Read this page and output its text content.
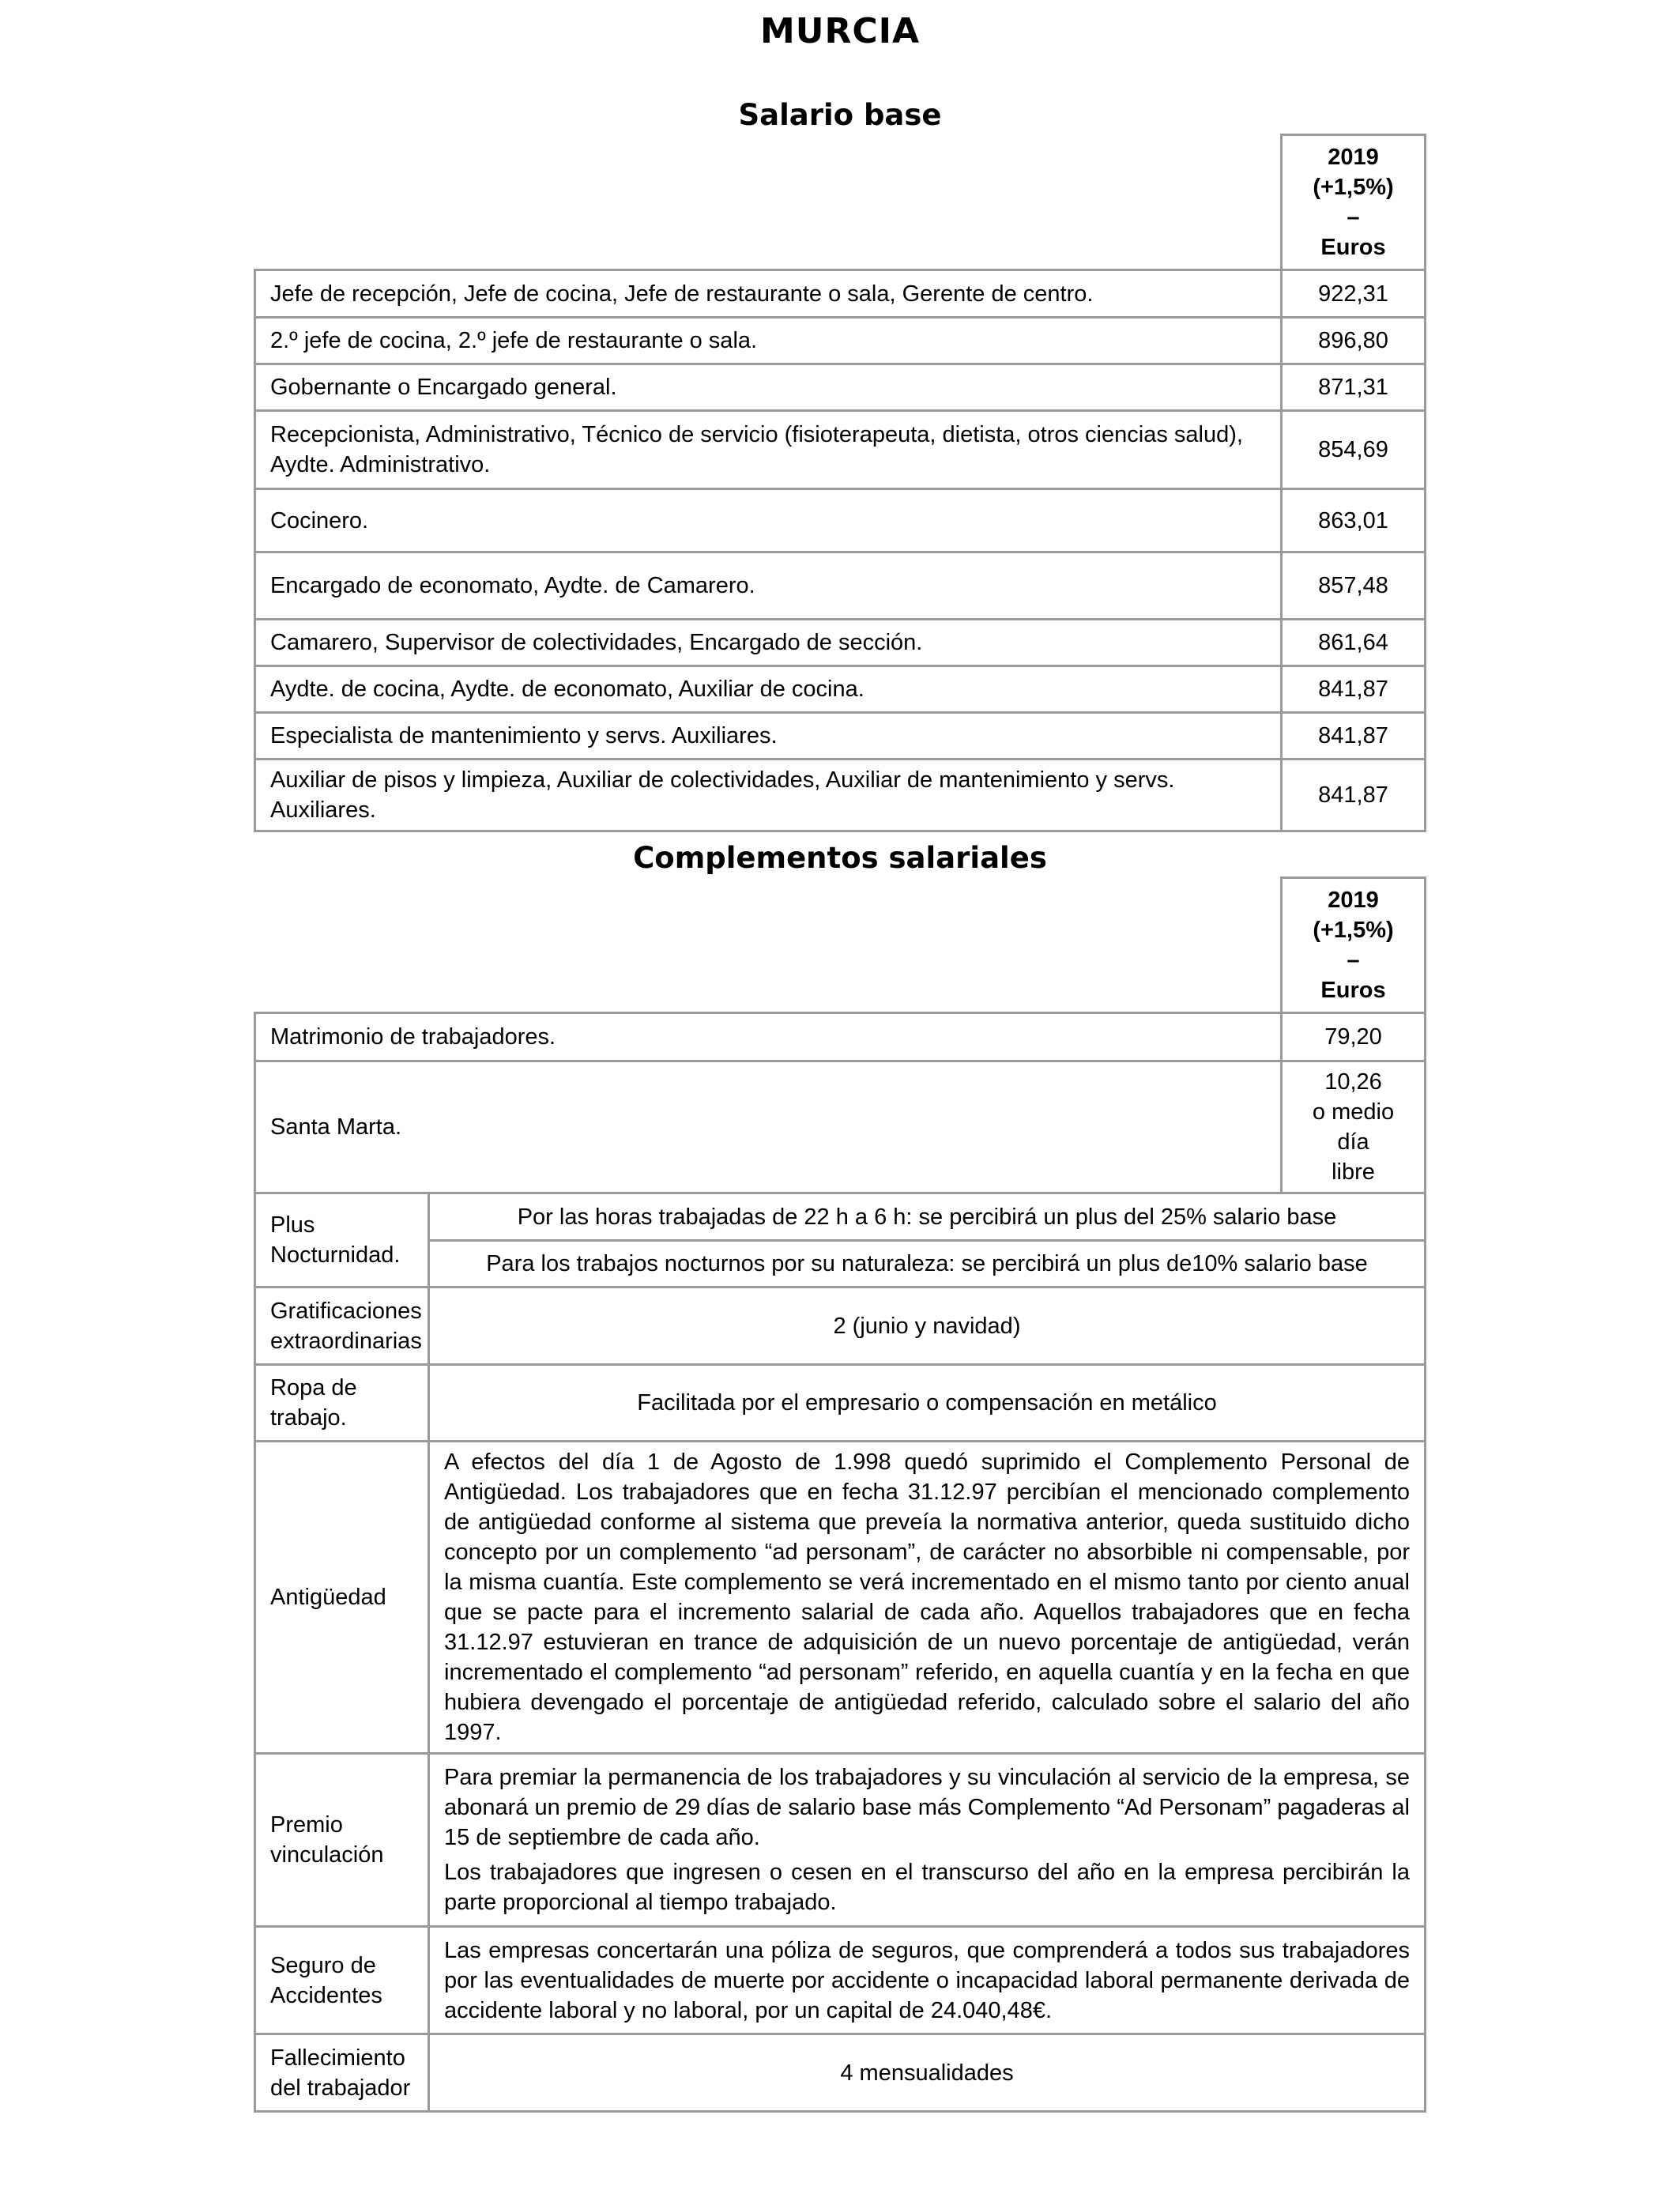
MURCIA
Salario base

	2019
(+1,5%)
–
Euros

Jefe de recepción, Jefe de cocina, Jefe de restaurante o sala, Gerente de centro.	922,31
2.º jefe de cocina, 2.º jefe de restaurante o sala.	896,80
Gobernante o Encargado general.	871,31
Recepcionista, Administrativo, Técnico de servicio (fisioterapeuta, dietista, otros ciencias salud), Aydte. Administrativo.	854,69
Cocinero.	863,01
Encargado de economato, Aydte. de Camarero.	857,48
Camarero, Supervisor de colectividades, Encargado de sección.	861,64
Aydte. de cocina, Aydte. de economato, Auxiliar de cocina.	841,87
Especialista de mantenimiento y servs. Auxiliares.	841,87
Auxiliar de pisos y limpieza, Auxiliar de colectividades, Auxiliar de mantenimiento y servs. Auxiliares.	841,87
Complementos salariales

		2019
(+1,5%)
–
Euros

Matrimonio de trabajadores.		79,20
Santa Marta.		10,26
o medio día
libre

Plus Nocturnidad.	Por las horas trabajadas de 22 h a 6 h: se percibirá un plus del 25% salario base	
	Para los trabajos nocturnos por su naturaleza: se percibirá un plus de10% salario base	
Gratificaciones extraordinarias	2 (junio y navidad)	
Ropa de trabajo.	Facilitada por el empresario o compensación en metálico	
Antigüedad	A efectos del día 1 de Agosto de 1.998 quedó suprimido el Complemento Personal de Antigüedad. Los trabajadores que en fecha 31.12.97 percibían el mencionado complemento de antigüedad conforme al sistema que preveía la normativa anterior, queda sustituido dicho concepto por un complemento “ad personam”, de carácter no absorbible ni compensable, por la misma cuantía. Este complemento se verá incrementado en el mismo tanto por ciento anual que se pacte para el incremento salarial de cada año. Aquellos trabajadores que en fecha 31.12.97 estuvieran en trance de adquisición de un nuevo porcentaje de antigüedad, verán incrementado el complemento “ad personam” referido, en aquella cuantía y en la fecha en que hubiera devengado el porcentaje de antigüedad referido, calculado sobre el salario del año 1997.	
Premio vinculación	Para premiar la permanencia de los trabajadores y su vinculación al servicio de la empresa, se abonará un premio de 29 días de salario base más Complemento “Ad Personam” pagaderas al 15 de septiembre de cada año.

Los trabajadores que ingresen o cesen en el transcurso del año en la empresa percibirán la parte proporcional al tiempo trabajado.	

Seguro de Accidentes	Las empresas concertarán una póliza de seguros, que comprenderá a todos sus trabajadores por las eventualidades de muerte por accidente o incapacidad laboral permanente derivada de accidente laboral y no laboral, por un capital de 24.040,48€.	
Fallecimiento del trabajador	4 mensualidades	
